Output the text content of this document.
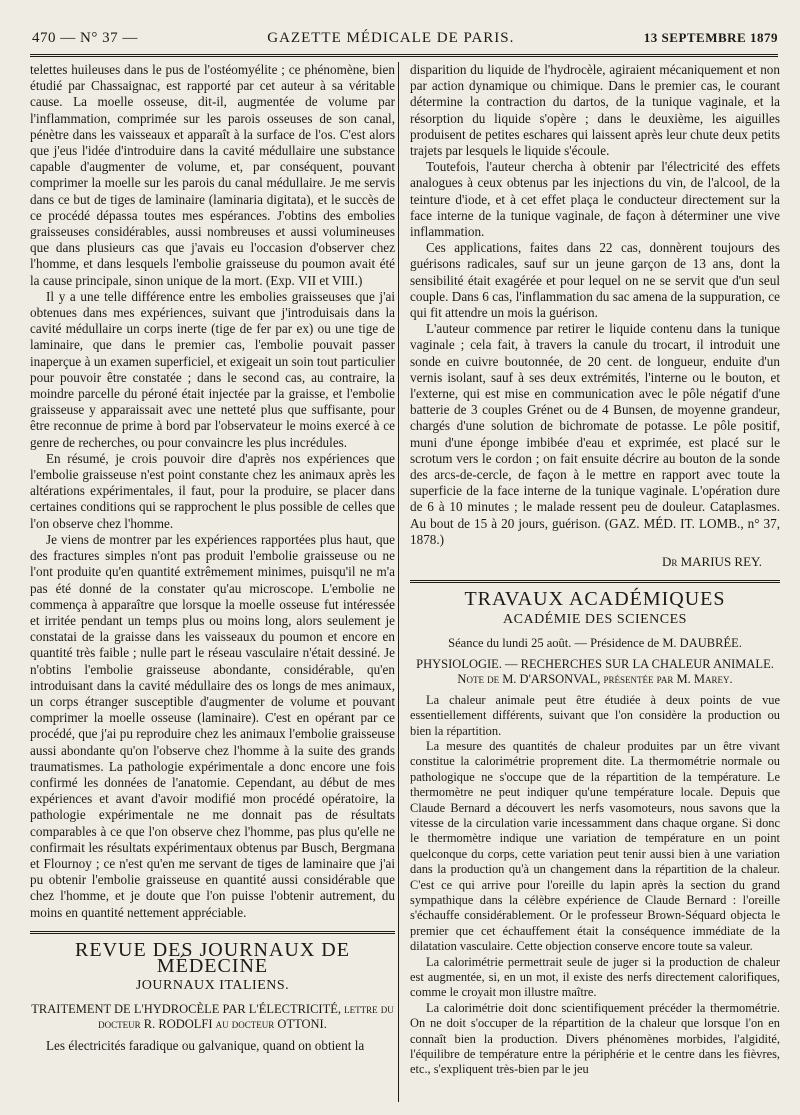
470 — N° 37 —	GAZETTE MÉDICALE DE PARIS.	13 SEPTEMBRE 1879

telettes huileuses dans le pus de l'ostéomyélite ; ce phénomène, bien étudié par Chassaignac, est rapporté par cet auteur à sa véritable cause. La moelle osseuse, dit-il, augmentée de volume par l'inflammation, comprimée sur les parois osseuses de son canal, pénètre dans les vaisseaux et apparaît à la surface de l'os. C'est alors que j'eus l'idée d'introduire dans la cavité médullaire une substance capable d'augmenter de volume, et, par conséquent, pouvant comprimer la moelle sur les parois du canal médullaire. Je me servis dans ce but de tiges de laminaire (laminaria digitata), et le succès de ce procédé dépassa toutes mes espérances. J'obtins des embolies graisseuses considérables, aussi nombreuses et aussi volumineuses que dans plusieurs cas que j'avais eu l'occasion d'observer chez l'homme, et dans lesquels l'embolie graisseuse du poumon avait été la cause principale, sinon unique de la mort. (Exp. VII et VIII.)

Il y a une telle différence entre les embolies graisseuses que j'ai obtenues dans mes expériences, suivant que j'introduisais dans la cavité médullaire un corps inerte (tige de fer par ex) ou une tige de laminaire, que dans le premier cas, l'embolie pouvait passer inaperçue à un examen superficiel, et exigeait un soin tout particulier pour pouvoir être constatée ; dans le second cas, au contraire, la moindre parcelle du péroné était injectée par la graisse, et l'embolie graisseuse y apparaissait avec une netteté plus que suffisante, pour être reconnue de prime à bord par l'observateur le moins exercé à ce genre de recherches, ou pour convaincre les plus incrédules.

En résumé, je crois pouvoir dire d'après nos expériences que l'embolie graisseuse n'est point constante chez les animaux après les altérations expérimentales, il faut, pour la produire, se placer dans certaines conditions qui se rapprochent le plus possible de celles que l'on observe chez l'homme.

Je viens de montrer par les expériences rapportées plus haut, que des fractures simples n'ont pas produit l'embolie graisseuse ou ne l'ont produite qu'en quantité extrêmement minimes, puisqu'il ne m'a pas été donné de la constater qu'au microscope. L'embolie ne commença à apparaître que lorsque la moelle osseuse fut intéressée et irritée pendant un temps plus ou moins long, alors seulement je constatai de la graisse dans les vaisseaux du poumon et encore en quantité très faible ; nulle part le réseau vasculaire n'était dessiné. Je n'obtins l'embolie graisseuse abondante, considérable, qu'en introduisant dans la cavité médullaire des os longs de mes animaux, un corps étranger susceptible d'augmenter de volume et pouvant comprimer la moelle osseuse (laminaire). C'est en opérant par ce procédé, que j'ai pu reproduire chez les animaux l'embolie graisseuse aussi abondante qu'on l'observe chez l'homme à la suite des grands traumatismes. La pathologie expérimentale a donc encore une fois confirmé les données de l'anatomie. Cependant, au début de mes expériences et avant d'avoir modifié mon procédé opératoire, la pathologie expérimentale ne me donnait pas de résultats comparables à ce que l'on observe chez l'homme, pas plus qu'elle ne confirmait les résultats expérimentaux obtenus par Busch, Bergmana et Flournoy ; ce n'est qu'en me servant de tiges de laminaire que j'ai pu obtenir l'embolie graisseuse en quantité aussi considérable que chez l'homme, et je doute que l'on puisse l'obtenir autrement, du moins en quantité nettement appréciable.

REVUE DES JOURNAUX DE MÉDECINE
JOURNAUX ITALIENS.
TRAITEMENT DE L'HYDROCÈLE PAR L'ÉLECTRICITÉ, lettre du docteur R. RODOLFI au docteur OTTONI.

Les électricités faradique ou galvanique, quand on obtient la

disparition du liquide de l'hydrocèle, agiraient mécaniquement et non par action dynamique ou chimique. Dans le premier cas, le courant détermine la contraction du dartos, de la tunique vaginale, et la résorption du liquide s'opère ; dans le deuxième, les aiguilles produisent de petites eschares qui laissent après leur chute deux petits trajets par lesquels le liquide s'écoule.

Toutefois, l'auteur chercha à obtenir par l'électricité des effets analogues à ceux obtenus par les injections du vin, de l'alcool, de la teinture d'iode, et à cet effet plaça le conducteur directement sur la face interne de la tunique vaginale, de façon à déterminer une vive inflammation.

Ces applications, faites dans 22 cas, donnèrent toujours des guérisons radicales, sauf sur un jeune garçon de 13 ans, dont la sensibilité était exagérée et pour lequel on ne se servit que d'un seul couple. Dans 6 cas, l'inflammation du sac amena de la suppuration, ce qui fit attendre un mois la guérison.

L'auteur commence par retirer le liquide contenu dans la tunique vaginale ; cela fait, à travers la canule du trocart, il introduit une sonde en cuivre boutonnée, de 20 cent. de longueur, enduite d'un vernis isolant, sauf à ses deux extrémités, l'interne ou le bouton, et l'externe, qui est mise en communication avec le pôle négatif d'une batterie de 3 couples Grénet ou de 4 Bunsen, de moyenne grandeur, chargés d'une solution de bichromate de potasse. Le pôle positif, muni d'une éponge imbibée d'eau et exprimée, est placé sur le scrotum vers le cordon ; on fait ensuite décrire au bouton de la sonde des arcs-de-cercle, de façon à le mettre en rapport avec toute la superficie de la face interne de la tunique vaginale. L'opération dure de 6 à 10 minutes ; le malade ressent peu de douleur. Cataplasmes. Au bout de 15 à 20 jours, guérison. (GAZ. MÉD. IT. LOMB., n° 37, 1878.)

Dr MARIUS REY.
TRAVAUX ACADÉMIQUES
ACADÉMIE DES SCIENCES
Séance du lundi 25 août. — Présidence de M. DAUBRÉE.
PHYSIOLOGIE. — RECHERCHES SUR LA CHALEUR ANIMALE. Note de M. D'ARSONVAL, présentée par M. Marey.

La chaleur animale peut être étudiée à deux points de vue essentiellement différents, suivant que l'on considère la production ou bien la répartition.

La mesure des quantités de chaleur produites par un être vivant constitue la calorimétrie proprement dite. La thermométrie normale ou pathologique ne s'occupe que de la répartition de la température. Le thermomètre ne peut indiquer qu'une température locale. Depuis que Claude Bernard a découvert les nerfs vasomoteurs, nous savons que la vitesse de la circulation varie incessamment dans chaque organe. Si donc le thermomètre indique une variation de température en un point quelconque du corps, cette variation peut tenir aussi bien à une variation dans la production qu'à un changement dans la répartition de la chaleur. C'est ce qui arrive pour l'oreille du lapin après la section du grand sympathique dans la célèbre expérience de Claude Bernard : l'oreille s'échauffe considérablement. Or le professeur Brown-Séquard objecta le premier que cet échauffement était la conséquence immédiate de la dilatation vasculaire. Cette objection conserve encore toute sa valeur.

La calorimétrie permettrait seule de juger si la production de chaleur est augmentée, si, en un mot, il existe des nerfs directement calorifiques, comme le croyait mon illustre maître.

La calorimétrie doit donc scientifiquement précéder la thermométrie. On ne doit s'occuper de la répartition de la chaleur que lorsque l'on en connaît bien la production. Divers phénomènes morbides, l'algidité, l'équilibre de température entre la périphérie et le centre dans les fièvres, etc., s'expliquent très-bien par le jeu
